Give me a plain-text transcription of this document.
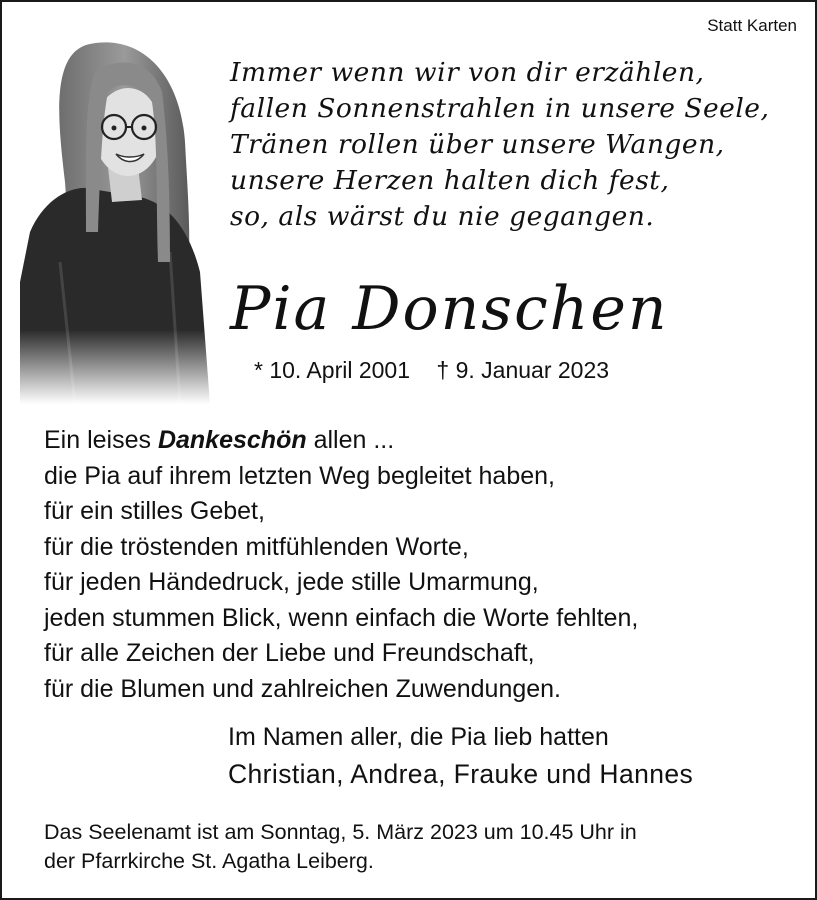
Statt Karten
Immer wenn wir von dir erzählen,
fallen Sonnenstrahlen in unsere Seele,
Tränen rollen über unsere Wangen,
unsere Herzen halten dich fest,
so, als wärst du nie gegangen.
Pia Donschen
* 10. April 2001 † 9. Januar 2023
Ein leises Dankeschön allen ...
die Pia auf ihrem letzten Weg begleitet haben,
für ein stilles Gebet,
für die tröstenden mitfühlenden Worte,
für jeden Händedruck, jede stille Umarmung,
jeden stummen Blick, wenn einfach die Worte fehlten,
für alle Zeichen der Liebe und Freundschaft,
für die Blumen und zahlreichen Zuwendungen.
Im Namen aller, die Pia lieb hatten
Christian, Andrea, Frauke und Hannes
Das Seelenamt ist am Sonntag, 5. März 2023 um 10.45 Uhr in
der Pfarrkirche St. Agatha Leiberg.
